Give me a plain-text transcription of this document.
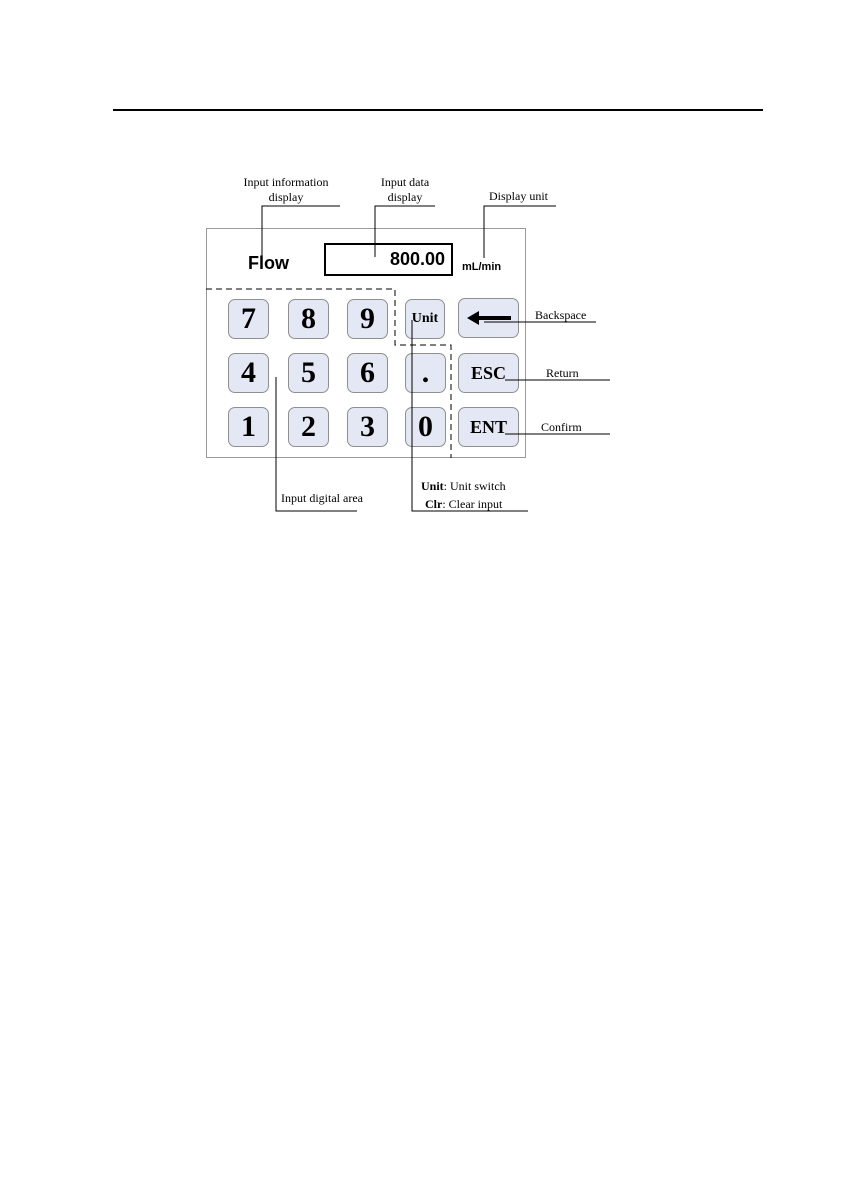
Input information
display
Input data
display	Display unit
Flow	800.00	mL/min
7	8	9
4	5	6
1	2	3
Unit
.
0
ESC
ENT
Backspace
Return
Confirm
Input digital area
Unit: Unit switch
Clr: Clear input
